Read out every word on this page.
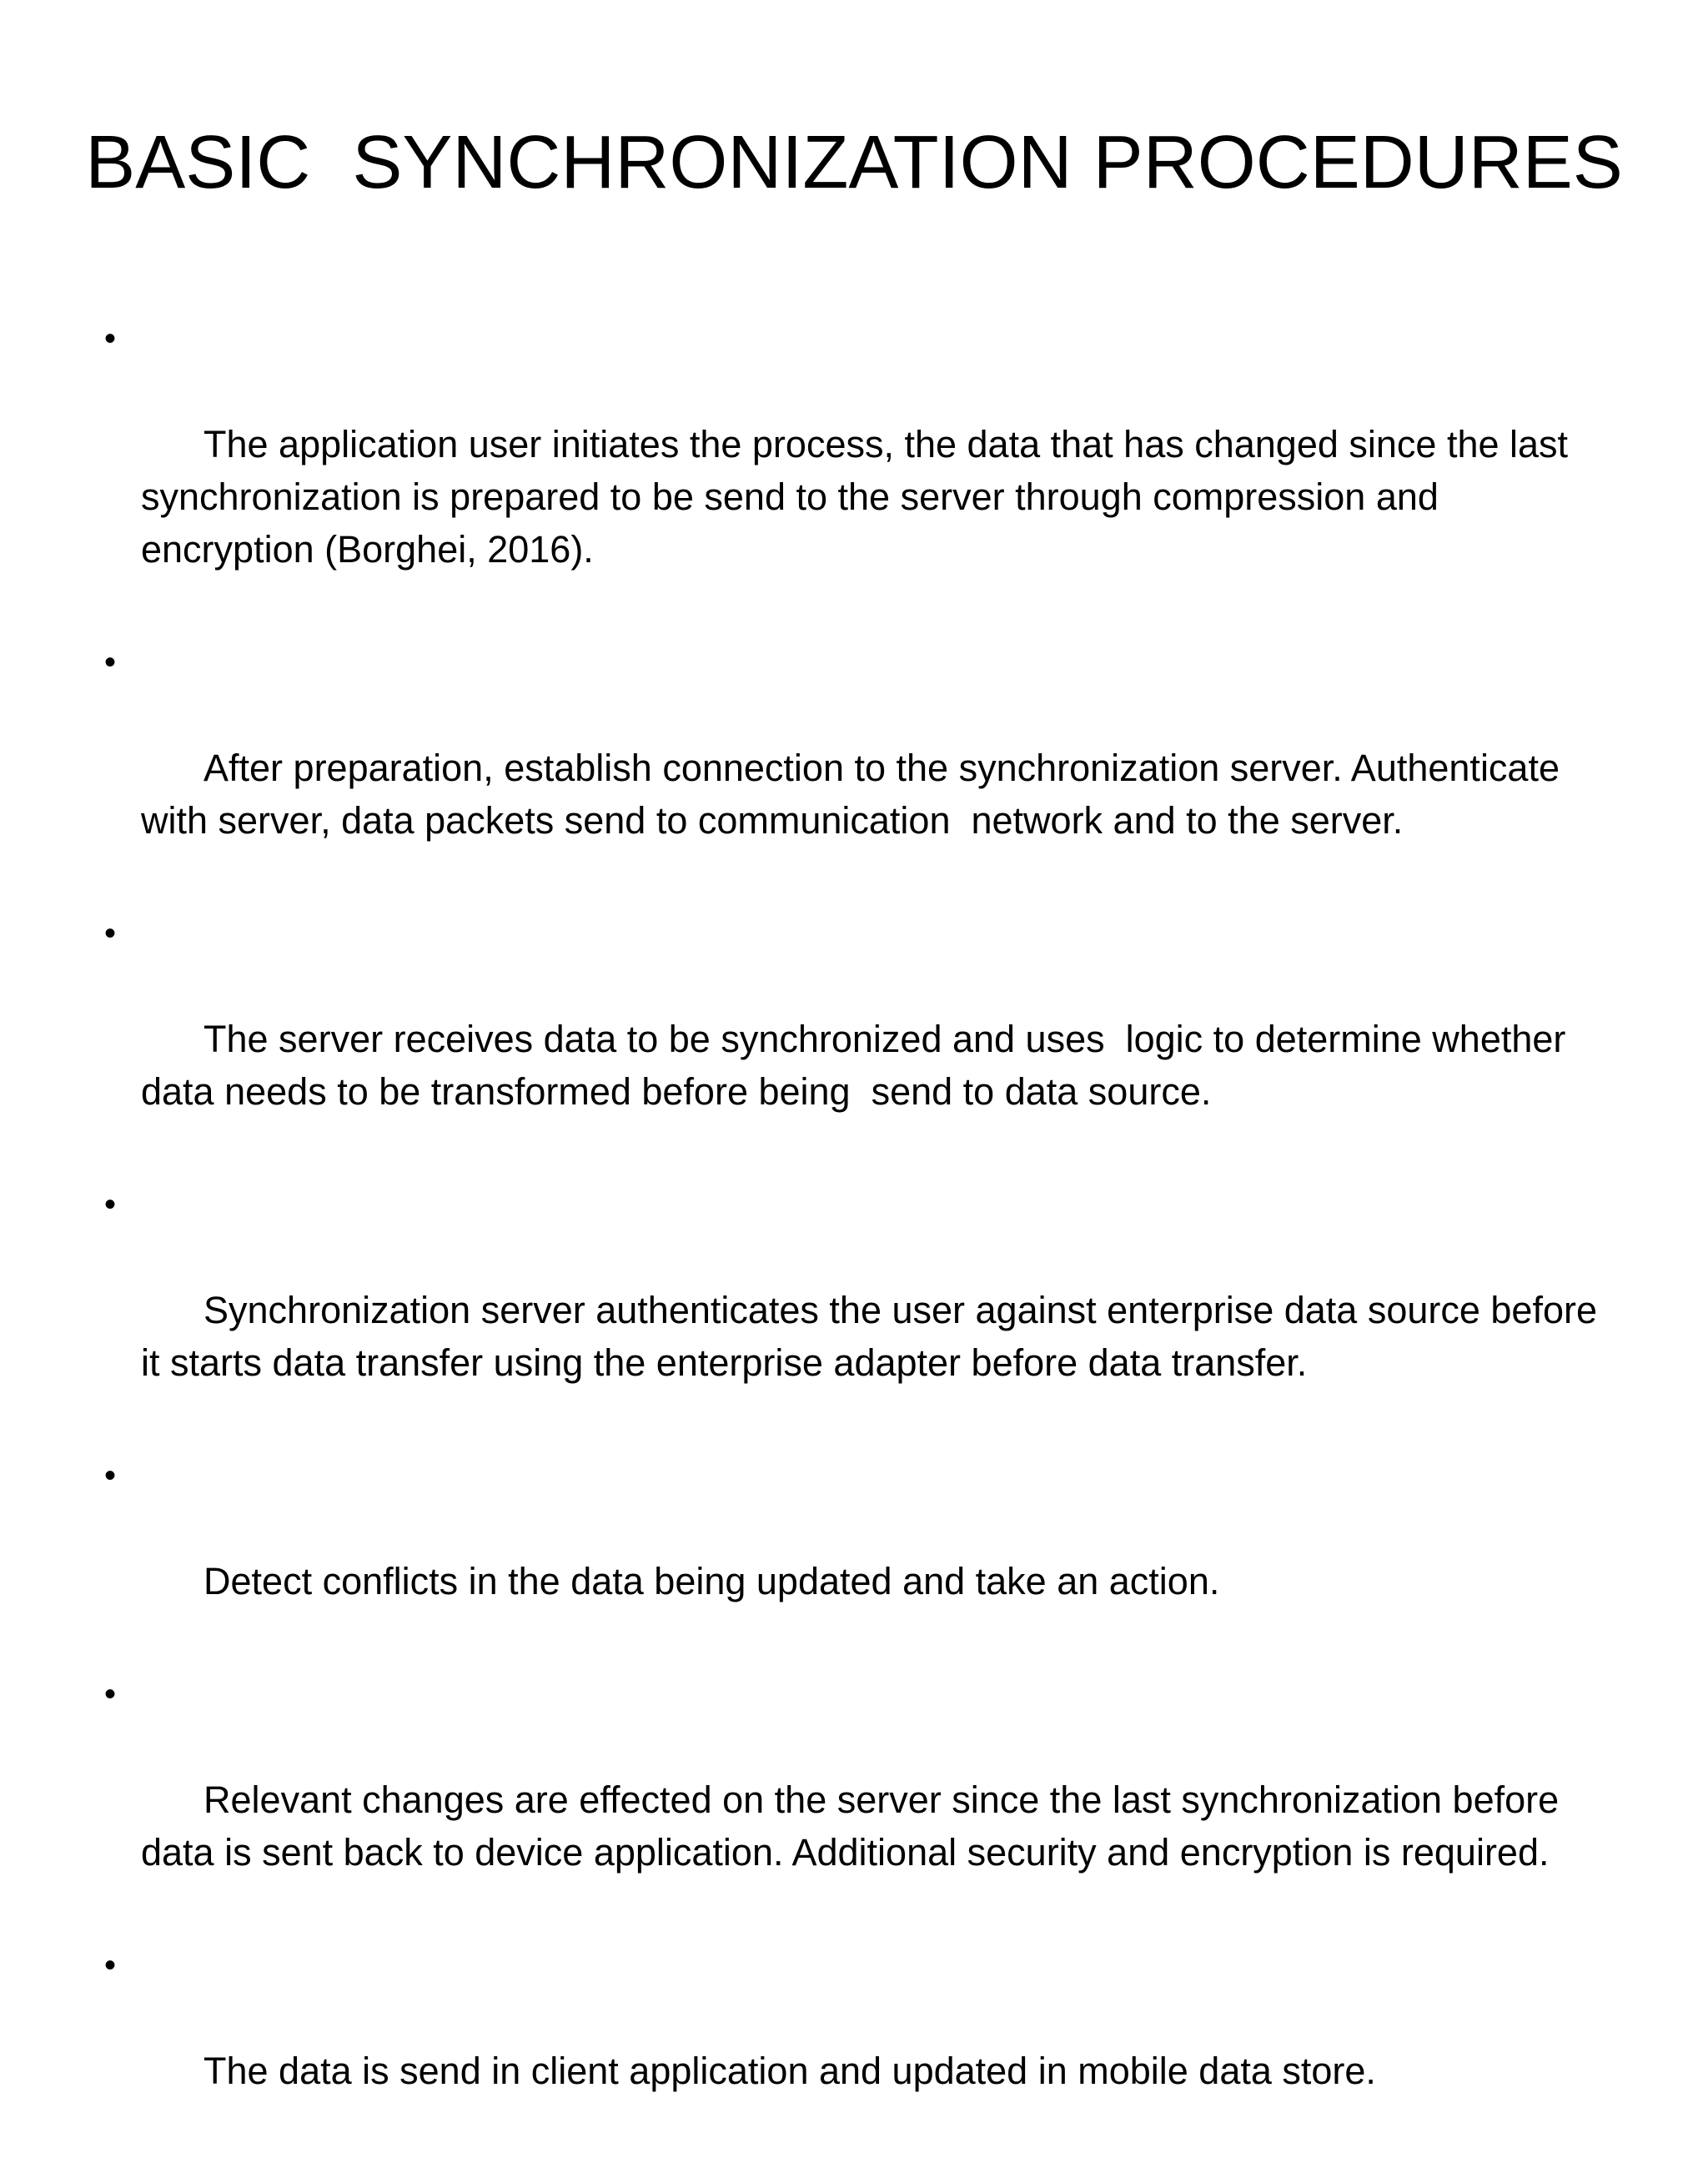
BASIC  SYNCHRONIZATION PROCEDURES

•

The application user initiates the process, the data that has changed since the last synchronization is prepared to be send to the server through compression and encryption (Borghei, 2016).

•

After preparation, establish connection to the synchronization server. Authenticate with server, data packets send to communication  network and to the server.

•

The server receives data to be synchronized and uses  logic to determine whether data needs to be transformed before being  send to data source.

•

Synchronization server authenticates the user against enterprise data source before it starts data transfer using the enterprise adapter before data transfer.

•

Detect conflicts in the data being updated and take an action.

•

Relevant changes are effected on the server since the last synchronization before data is sent back to device application. Additional security and encryption is required.

•

The data is send in client application and updated in mobile data store.
